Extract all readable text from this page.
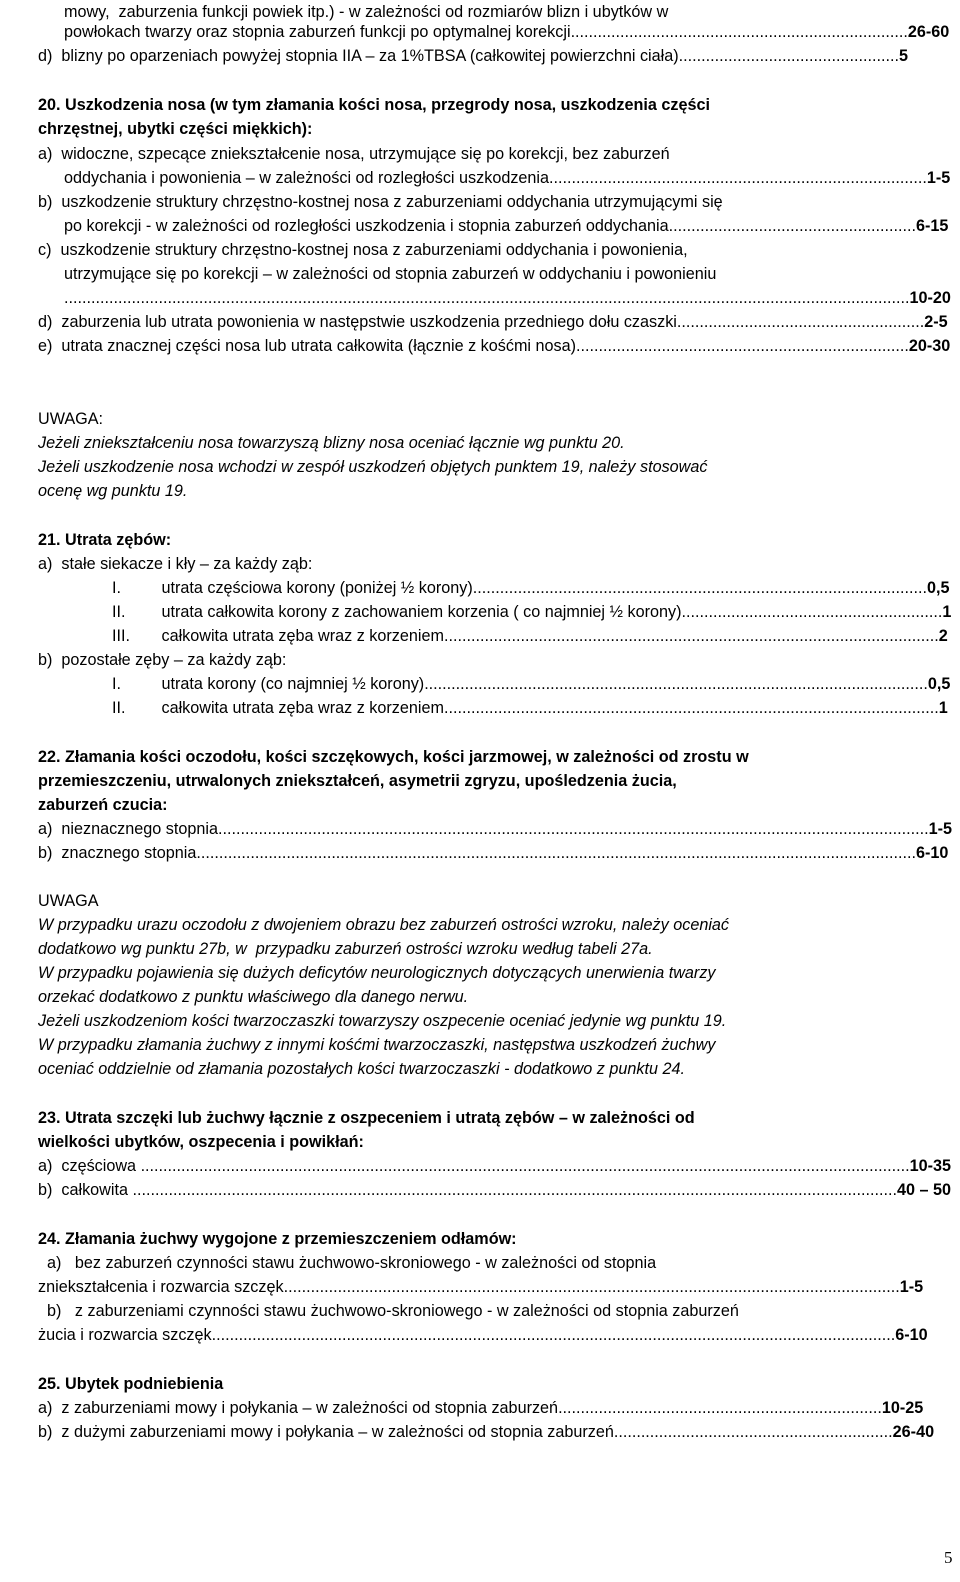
mowy,  zaburzenia funkcji powiek itp.) - w zależności od rozmiarów blizn i ubytków w
powłokach twarzy oraz stopnia zaburzeń funkcji po optymalnej korekcji...........................................................................26-60
d)  blizny po oparzeniach powyżej stopnia IIA – za 1%TBSA (całkowitej powierzchni ciała).................................................5
20. Uszkodzenia nosa (w tym złamania kości nosa, przegrody nosa, uszkodzenia części
chrzęstnej, ubytki części miękkich):
a)  widoczne, szpecące zniekształcenie nosa, utrzymujące się po korekcji, bez zaburzeń
oddychania i powonienia – w zależności od rozległości uszkodzenia....................................................................................1-5
b)  uszkodzenie struktury chrzęstno-kostnej nosa z zaburzeniami oddychania utrzymującymi się
po korekcji - w zależności od rozległości uszkodzenia i stopnia zaburzeń oddychania.......................................................6-15
c)  uszkodzenie struktury chrzęstno-kostnej nosa z zaburzeniami oddychania i powonienia,
utrzymujące się po korekcji – w zależności od stopnia zaburzeń w oddychaniu i powonieniu
............................................................................................................................................................................................10-20
d)  zaburzenia lub utrata powonienia w następstwie uszkodzenia przedniego dołu czaszki.......................................................2-5
e)  utrata znacznej części nosa lub utrata całkowita (łącznie z kośćmi nosa)..........................................................................20-30
UWAGA:
Jeżeli zniekształceniu nosa towarzyszą blizny nosa oceniać łącznie wg punktu 20.
Jeżeli uszkodzenie nosa wchodzi w zespół uszkodzeń objętych punktem 19, należy stosować
ocenę wg punktu 19.
21. Utrata zębów:
a)  stałe siekacze i kły – za każdy ząb:
I.         utrata częściowa korony (poniżej ½ korony).....................................................................................................0,5
II.        utrata całkowita korony z zachowaniem korzenia ( co najmniej ½ korony)..........................................................1
III.       całkowita utrata zęba wraz z korzeniem..............................................................................................................2
b)  pozostałe zęby – za każdy ząb:
I.         utrata korony (co najmniej ½ korony)................................................................................................................0,5
II.        całkowita utrata zęba wraz z korzeniem..............................................................................................................1
22. Złamania kości oczodołu, kości szczękowych, kości jarzmowej, w zależności od zrostu w
przemieszczeniu, utrwalonych zniekształceń, asymetrii zgryzu, upośledzenia żucia,
zaburzeń czucia:
a)  nieznacznego stopnia..............................................................................................................................................................1-5
b)  znacznego stopnia................................................................................................................................................................6-10
UWAGA
W przypadku urazu oczodołu z dwojeniem obrazu bez zaburzeń ostrości wzroku, należy oceniać
dodatkowo wg punktu 27b, w  przypadku zaburzeń ostrości wzroku według tabeli 27a.
W przypadku pojawienia się dużych deficytów neurologicznych dotyczących unerwienia twarzy
orzekać dodatkowo z punktu właściwego dla danego nerwu.
Jeżeli uszkodzeniom kości twarzoczaszki towarzyszy oszpecenie oceniać jedynie wg punktu 19.
W przypadku złamania żuchwy z innymi kośćmi twarzoczaszki, następstwa uszkodzeń żuchwy
oceniać oddzielnie od złamania pozostałych kości twarzoczaszki - dodatkowo z punktu 24.
23. Utrata szczęki lub żuchwy łącznie z oszpeceniem i utratą zębów – w zależności od
wielkości ubytków, oszpecenia i powikłań:
a)  częściowa ...........................................................................................................................................................................10-35
b)  całkowita ..........................................................................................................................................................................40 – 50
24. Złamania żuchwy wygojone z przemieszczeniem odłamów:
a)   bez zaburzeń czynności stawu żuchwowo-skroniowego - w zależności od stopnia
zniekształcenia i rozwarcia szczęk.........................................................................................................................................1-5
b)   z zaburzeniami czynności stawu żuchwowo-skroniowego - w zależności od stopnia zaburzeń
żucia i rozwarcia szczęk........................................................................................................................................................6-10
25. Ubytek podniebienia
a)  z zaburzeniami mowy i połykania – w zależności od stopnia zaburzeń........................................................................10-25
b)  z dużymi zaburzeniami mowy i połykania – w zależności od stopnia zaburzeń..............................................................26-40
5
